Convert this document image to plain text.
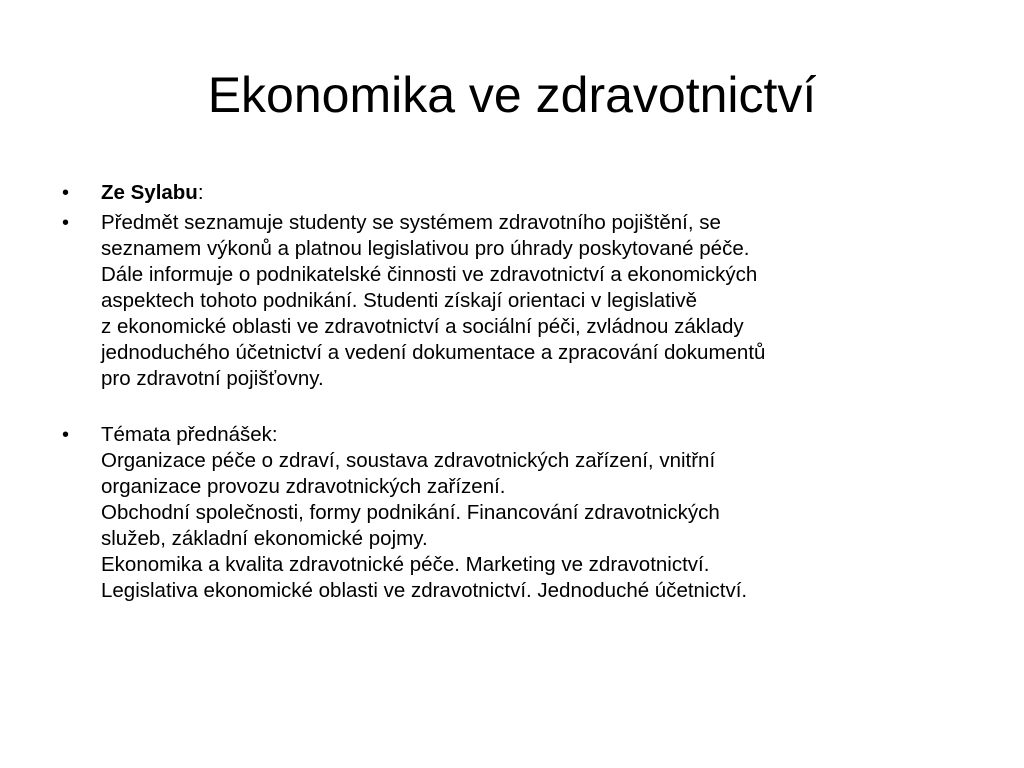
Ekonomika ve zdravotnictví
•	Ze Sylabu:
•	Předmět seznamuje studenty se systémem zdravotního pojištění, se
seznamem výkonů a platnou legislativou pro úhrady poskytované péče.
Dále informuje o podnikatelské činnosti ve zdravotnictví a ekonomických
aspektech tohoto podnikání. Studenti získají orientaci v legislativě
z ekonomické oblasti ve zdravotnictví a sociální péči, zvládnou základy
jednoduchého účetnictví a vedení dokumentace a zpracování dokumentů
pro zdravotní pojišťovny.
•	Témata přednášek:
Organizace péče o zdraví, soustava zdravotnických zařízení, vnitřní
organizace provozu zdravotnických zařízení.
Obchodní společnosti, formy podnikání. Financování zdravotnických
služeb, základní ekonomické pojmy.
Ekonomika a kvalita zdravotnické péče. Marketing ve zdravotnictví.
Legislativa ekonomické oblasti ve zdravotnictví. Jednoduché účetnictví.
